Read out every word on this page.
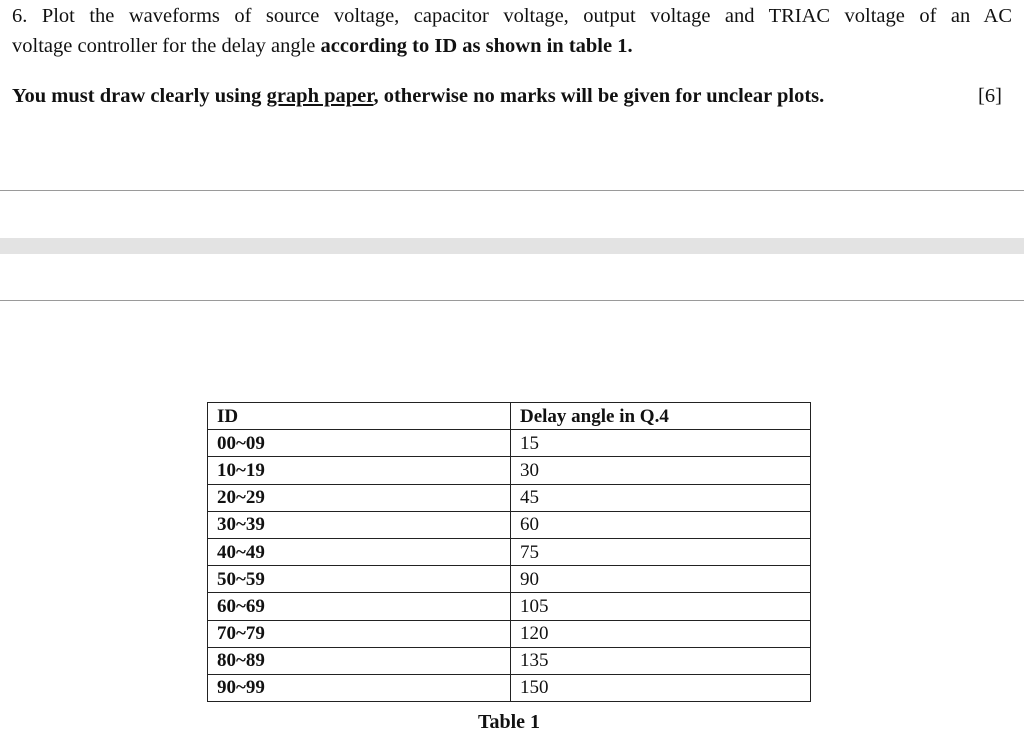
6. Plot the waveforms of source voltage, capacitor voltage, output voltage and TRIAC voltage of an AC
voltage controller for the delay angle according to ID as shown in table 1.
You must draw clearly using graph paper, otherwise no marks will be given for unclear plots.	[6]
ID	Delay angle in Q.4
00~09	15
10~19	30
20~29	45
30~39	60
40~49	75
50~59	90
60~69	105
70~79	120
80~89	135
90~99	150
Table 1
